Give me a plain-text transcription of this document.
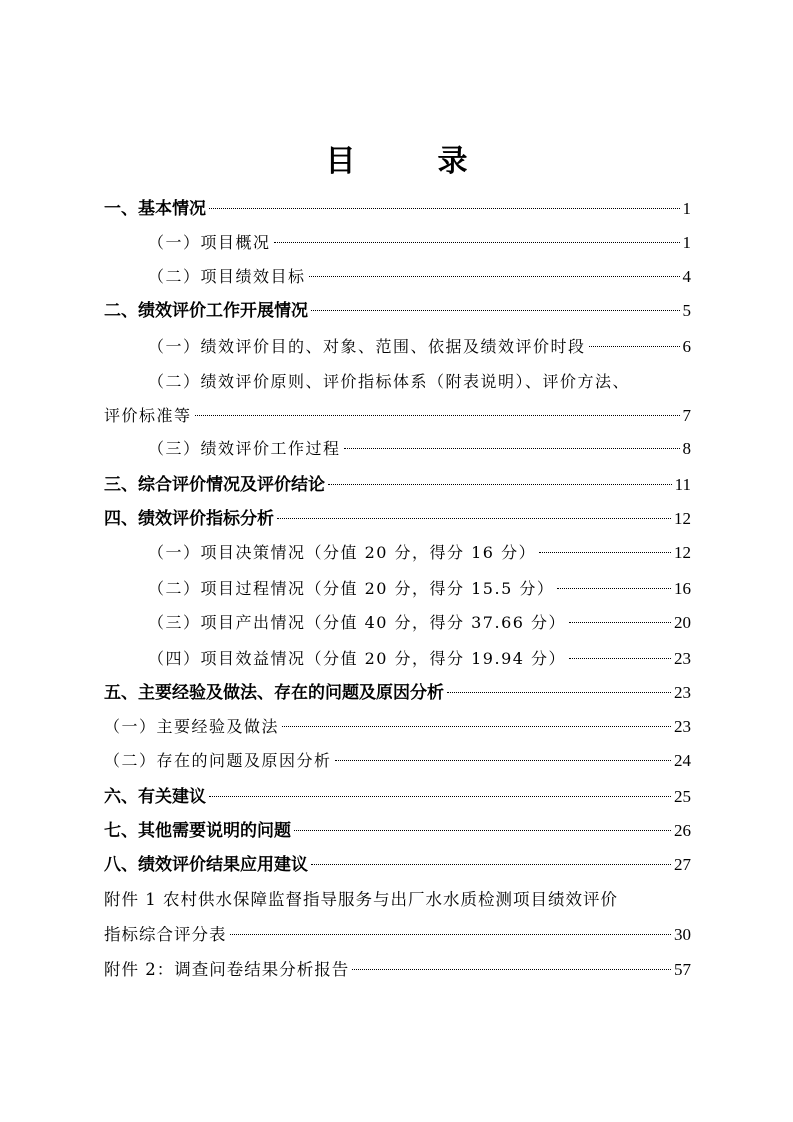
目　录
一、基本情况	1
（一）项目概况	1
（二）项目绩效目标	4
二、绩效评价工作开展情况	5
（一）绩效评价目的、对象、范围、依据及绩效评价时段	6
（二）绩效评价原则、评价指标体系（附表说明）、评价方法、
评价标准等	7
（三）绩效评价工作过程	8
三、综合评价情况及评价结论	11
四、绩效评价指标分析	12
（一）项目决策情况（分值 20 分，得分 16 分）	12
（二）项目过程情况（分值 20 分，得分 15.5 分）	16
（三）项目产出情况（分值 40 分，得分 37.66 分）	20
（四）项目效益情况（分值 20 分，得分 19.94 分）	23
五、主要经验及做法、存在的问题及原因分析	23
（一）主要经验及做法	23
（二）存在的问题及原因分析	24
六、有关建议	25
七、其他需要说明的问题	26
八、绩效评价结果应用建议	27
附件 1 农村供水保障监督指导服务与出厂水水质检测项目绩效评价
指标综合评分表	30
附件 2：调查问卷结果分析报告	57
